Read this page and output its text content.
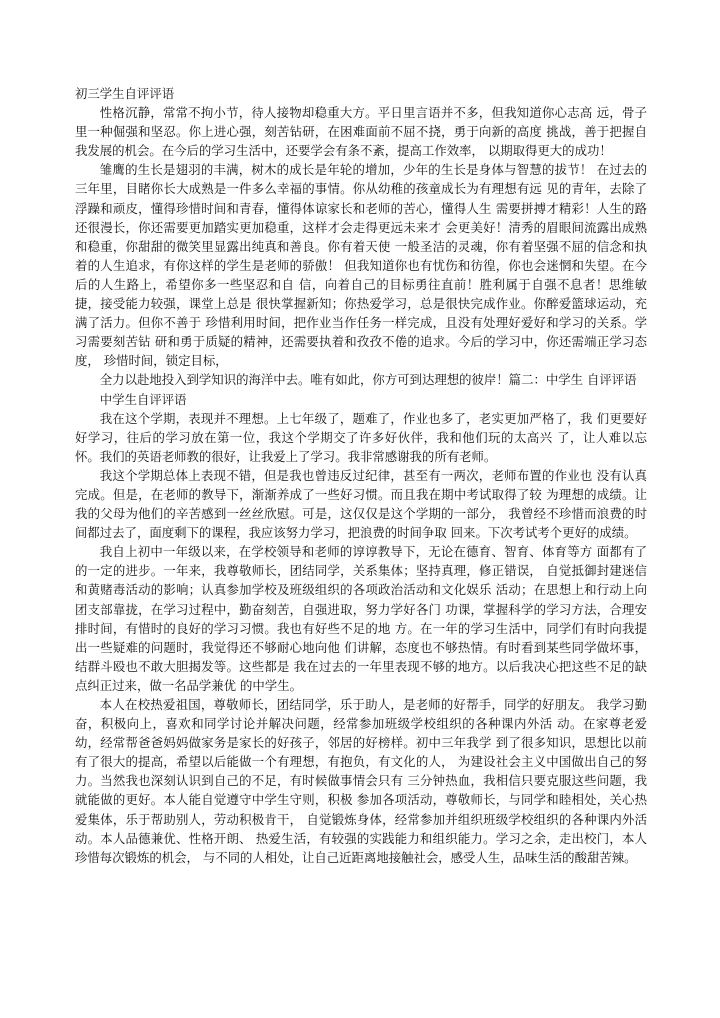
初三学生自评评语

性格沉静，常常不拘小节，待人接物却稳重大方。平日里言语并不多，但我知道你心志高 远，骨子里一种倔强和坚忍。你上进心强，刻苦钻研，在困难面前不屈不挠，勇于向新的高度 挑战，善于把握自我发展的机会。在今后的学习生活中，还要学会有条不紊，提高工作效率， 以期取得更大的成功！

雏鹰的生长是翅羽的丰满，树木的成长是年轮的增加，少年的生长是身体与智慧的拔节！ 在过去的三年里，目睹你长大成熟是一件多么幸福的事情。你从幼稚的孩童成长为有理想有远 见的青年，去除了浮躁和顽皮，懂得珍惜时间和青春，懂得体谅家长和老师的苦心，懂得人生 需要拼搏才精彩！人生的路还很漫长，你还需要更加踏实更加稳重，这样才会走得更远未来才 会更美好！清秀的眉眼间流露出成熟和稳重，你甜甜的微笑里显露出纯真和善良。你有着天使 一般圣洁的灵魂，你有着坚强不屈的信念和执着的人生追求，有你这样的学生是老师的骄傲！ 但我知道你也有忧伤和彷徨，你也会迷惘和失望。在今后的人生路上，希望你多一些坚忍和自 信，向着自己的目标勇往直前！胜利属于自强不息者！思维敏捷，接受能力较强，课堂上总是 很快掌握新知；你热爱学习，总是很快完成作业。你醉爱篮球运动，充满了活力。但你不善于 珍惜利用时间，把作业当作任务一样完成，且没有处理好爱好和学习的关系。学习需要刻苦钻 研和勇于质疑的精神，还需要执着和孜孜不倦的追求。今后的学习中，你还需端正学习态度， 珍惜时间，锁定目标，

全力以赴地投入到学知识的海洋中去。唯有如此，你方可到达理想的彼岸！篇二：中学生 自评评语

中学生自评评语

我在这个学期，表现并不理想。上七年级了，题难了，作业也多了，老实更加严格了，我 们更要好好学习，往后的学习放在第一位，我这个学期交了许多好伙伴，我和他们玩的太高兴 了，让人难以忘怀。我们的英语老师教的很好，让我爱上了学习。我非常感谢我的所有老师。

我这个学期总体上表现不错，但是我也曾违反过纪律，甚至有一两次，老师布置的作业也 没有认真完成。但是，在老师的教导下，渐渐养成了一些好习惯。而且我在期中考试取得了较 为理想的成绩。让我的父母为他们的辛苦感到一丝丝欣慰。可是，这仅仅是这个学期的一部分， 我曾经不珍惜而浪费的时间都过去了，面度剩下的课程，我应该努力学习，把浪费的时间争取 回来。下次考试考个更好的成绩。

我自上初中一年级以来，在学校领导和老师的谆谆教导下，无论在德育、智育、体育等方 面都有了的一定的进步。一年来，我尊敬师长，团结同学，关系集体；坚持真理，修正错误， 自觉抵御封建迷信和黄赌毒活动的影响；认真参加学校及班级组织的各项政治活动和文化娱乐 活动；在思想上和行动上向团支部靠拢，在学习过程中，勤奋刻苦，自强进取，努力学好各门 功课，掌握科学的学习方法，合理安排时间，有惜时的良好的学习习惯。我也有好些不足的地 方。在一年的学习生活中，同学们有时向我提出一些疑难的问题时，我觉得还不够耐心地向他 们讲解，态度也不够热情。有时看到某些同学做坏事，结群斗殴也不敢大胆揭发等。这些都是 我在过去的一年里表现不够的地方。以后我决心把这些不足的缺点纠正过来，做一名品学兼优 的中学生。

本人在校热爱祖国，尊敬师长，团结同学，乐于助人，是老师的好帮手，同学的好朋友。 我学习勤奋，积极向上，喜欢和同学讨论并解决问题，经常参加班级学校组织的各种课内外活 动。在家尊老爱幼，经常帮爸爸妈妈做家务是家长的好孩子，邻居的好榜样。初中三年我学 到了很多知识，思想比以前有了很大的提高，希望以后能做一个有理想，有抱负，有文化的人， 为建设社会主义中国做出自己的努力。当然我也深刻认识到自己的不足，有时候做事情会只有 三分钟热血，我相信只要克服这些问题，我就能做的更好。本人能自觉遵守中学生守则，积极 参加各项活动，尊敬师长，与同学和睦相处，关心热爱集体，乐于帮助别人，劳动积极肯干， 自觉锻炼身体，经常参加并组织班级学校组织的各种课内外活动。本人品德兼优、性格开朗、 热爱生活，有较强的实践能力和组织能力。学习之余，走出校门，本人珍惜每次锻炼的机会， 与不同的人相处，让自己近距离地接触社会，感受人生，品味生活的酸甜苦辣。
